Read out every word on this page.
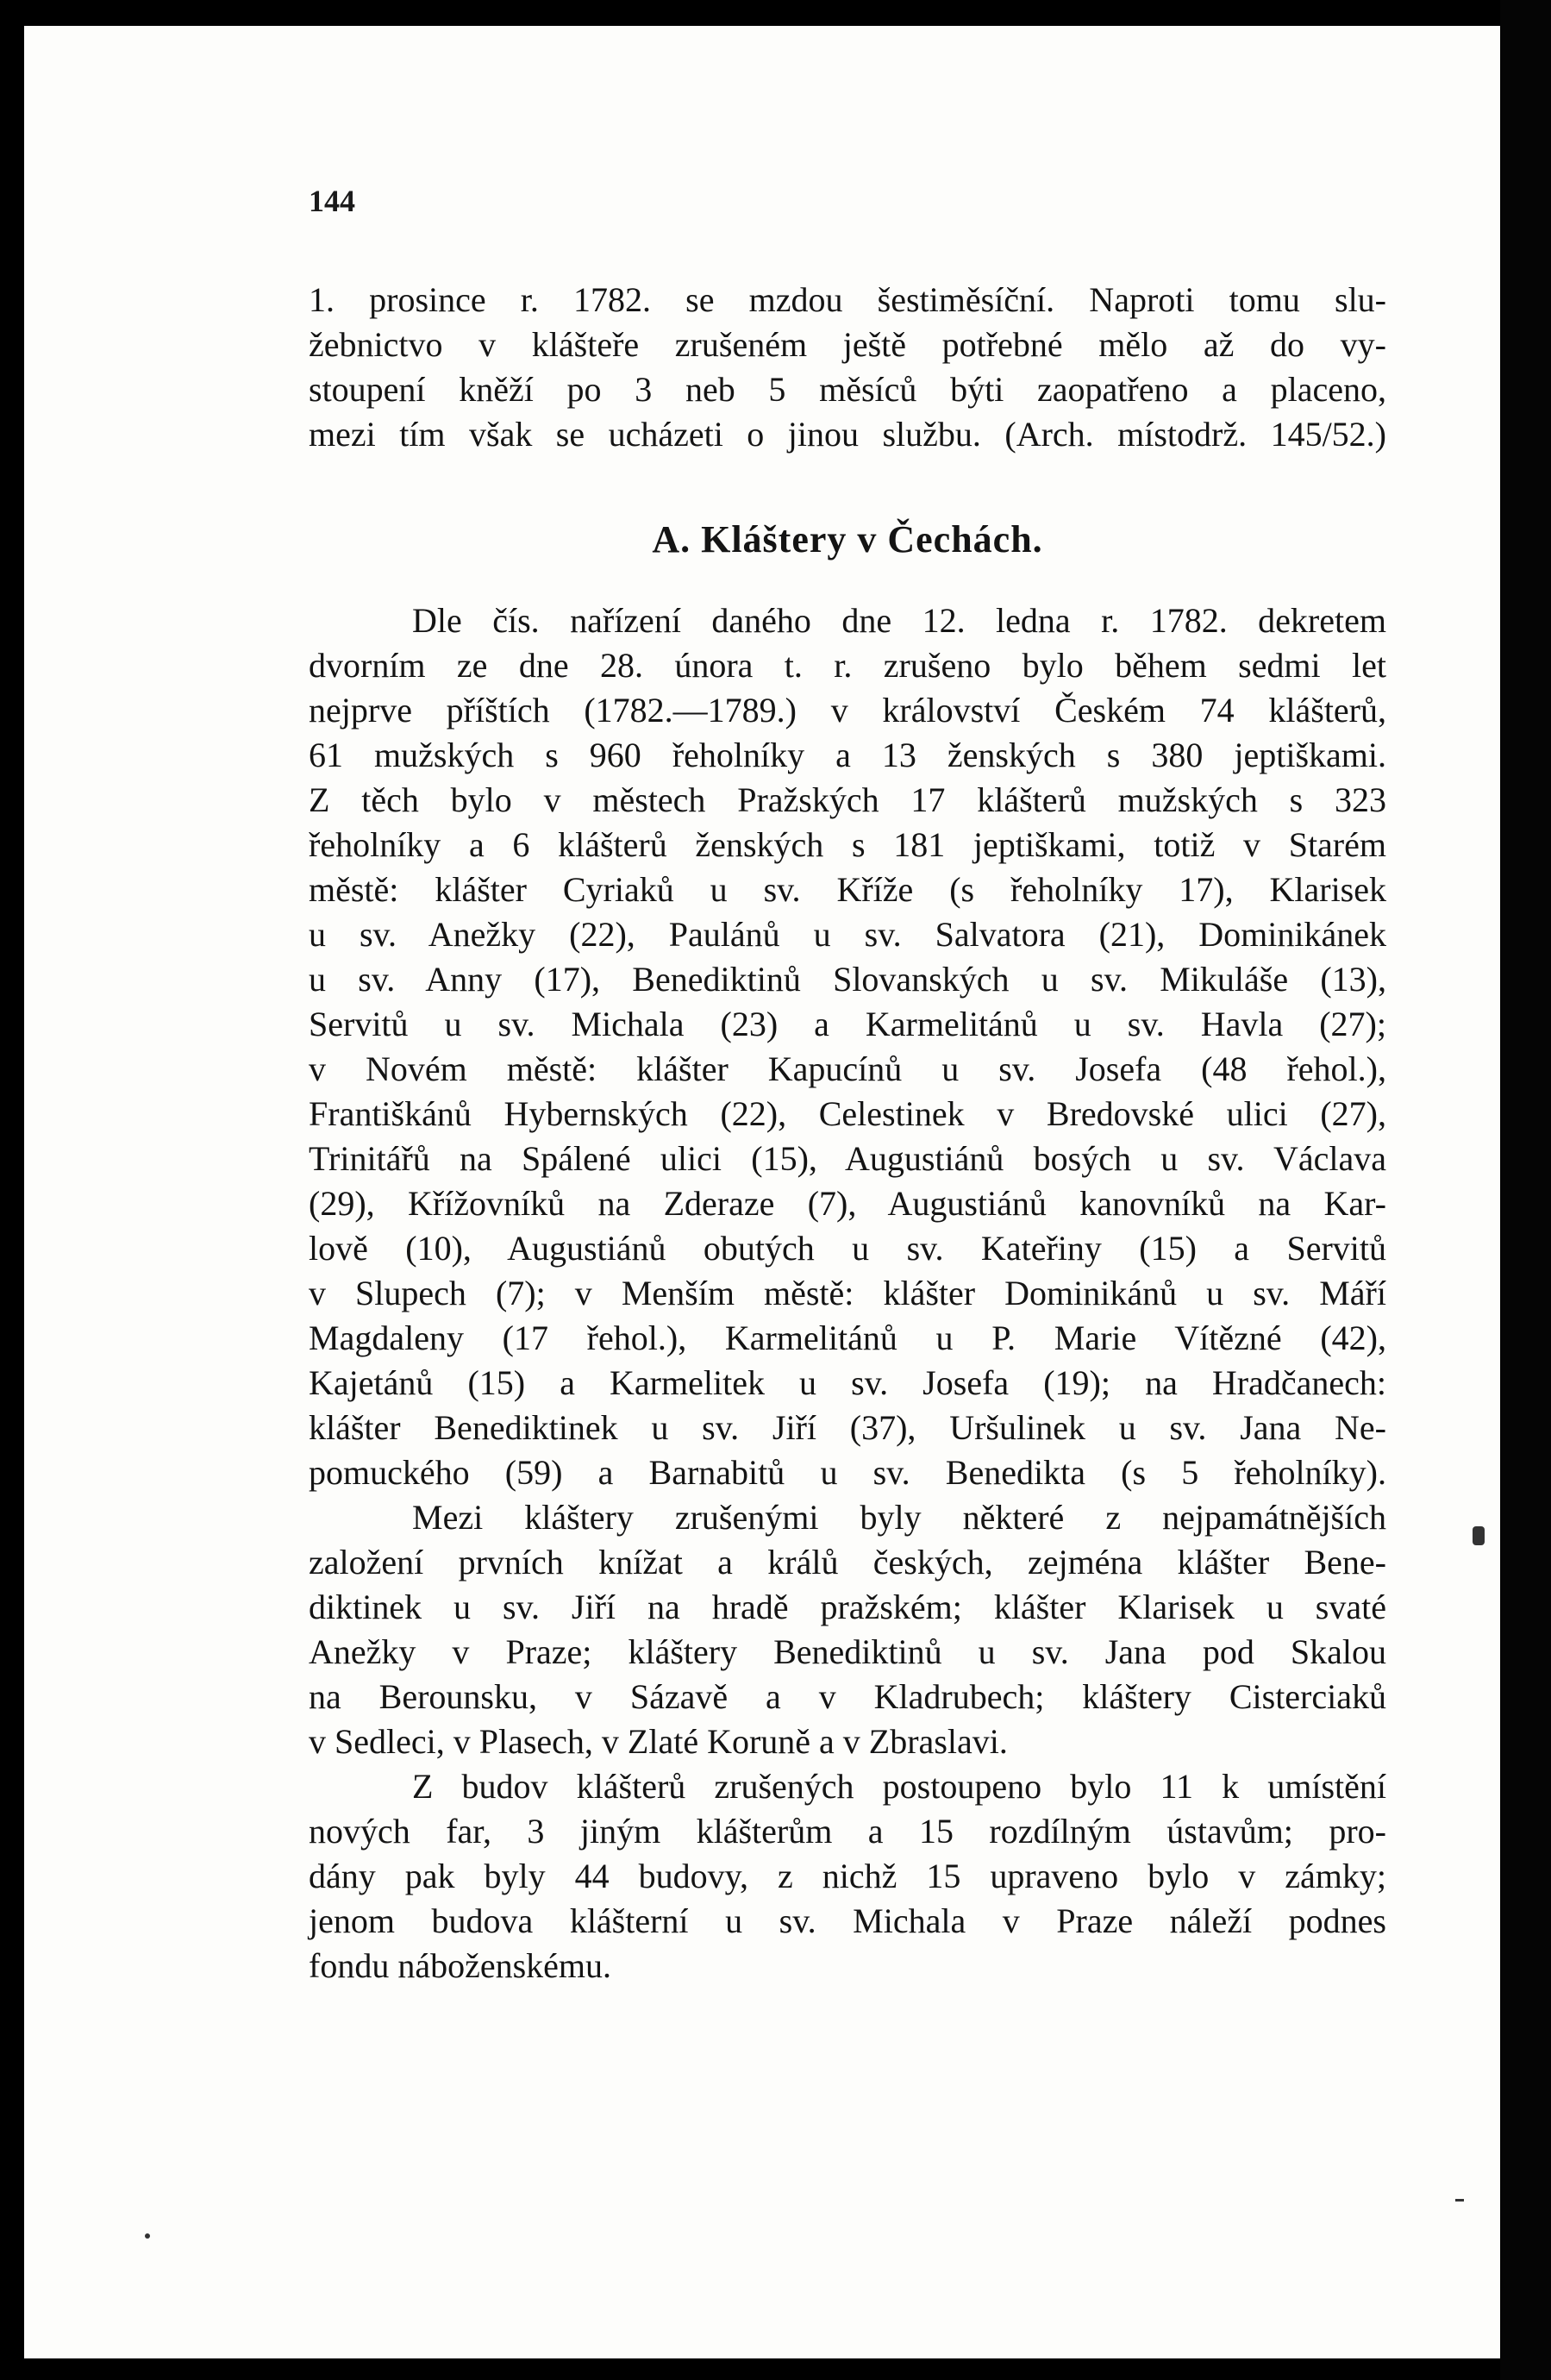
144
1. prosince r. 1782. se mzdou šestiměsíční. Naproti tomu slu-
žebnictvo v klášteře zrušeném ještě potřebné mělo až do vy-
stoupení kněží po 3 neb 5 měsíců býti zaopatřeno a placeno,
mezi tím však se ucházeti o jinou službu. (Arch. místodrž. 145/52.)
A. Kláštery v Čechách.
Dle čís. nařízení daného dne 12. ledna r. 1782. dekretem
dvorním ze dne 28. února t. r. zrušeno bylo během sedmi let
nejprve příštích (1782.—1789.) v království Českém 74 klášterů,
61 mužských s 960 řeholníky a 13 ženských s 380 jeptiškami.
Z těch bylo v městech Pražských 17 klášterů mužských s 323
řeholníky a 6 klášterů ženských s 181 jeptiškami, totiž v Starém
městě: klášter Cyriaků u sv. Kříže (s řeholníky 17), Klarisek
u sv. Anežky (22), Paulánů u sv. Salvatora (21), Dominikánek
u sv. Anny (17), Benediktinů Slovanských u sv. Mikuláše (13),
Servitů u sv. Michala (23) a Karmelitánů u sv. Havla (27);
v Novém městě: klášter Kapucínů u sv. Josefa (48 řehol.),
Františkánů Hybernských (22), Celestinek v Bredovské ulici (27),
Trinitářů na Spálené ulici (15), Augustiánů bosých u sv. Václava
(29), Křížovníků na Zderaze (7), Augustiánů kanovníků na Kar-
lově (10), Augustiánů obutých u sv. Kateřiny (15) a Servitů
v Slupech (7); v Menším městě: klášter Dominikánů u sv. Máří
Magdaleny (17 řehol.), Karmelitánů u P. Marie Vítězné (42),
Kajetánů (15) a Karmelitek u sv. Josefa (19); na Hradčanech:
klášter Benediktinek u sv. Jiří (37), Uršulinek u sv. Jana Ne-
pomuckého (59) a Barnabitů u sv. Benedikta (s 5 řeholníky).
Mezi kláštery zrušenými byly některé z nejpamátnějších
založení prvních knížat a králů českých, zejména klášter Bene-
diktinek u sv. Jiří na hradě pražském; klášter Klarisek u svaté
Anežky v Praze; kláštery Benediktinů u sv. Jana pod Skalou
na Berounsku, v Sázavě a v Kladrubech; kláštery Cisterciaků
v Sedleci, v Plasech, v Zlaté Koruně a v Zbraslavi.
Z budov klášterů zrušených postoupeno bylo 11 k umístění
nových far, 3 jiným klášterům a 15 rozdílným ústavům; pro-
dány pak byly 44 budovy, z nichž 15 upraveno bylo v zámky;
jenom budova klášterní u sv. Michala v Praze náleží podnes
fondu náboženskému.
